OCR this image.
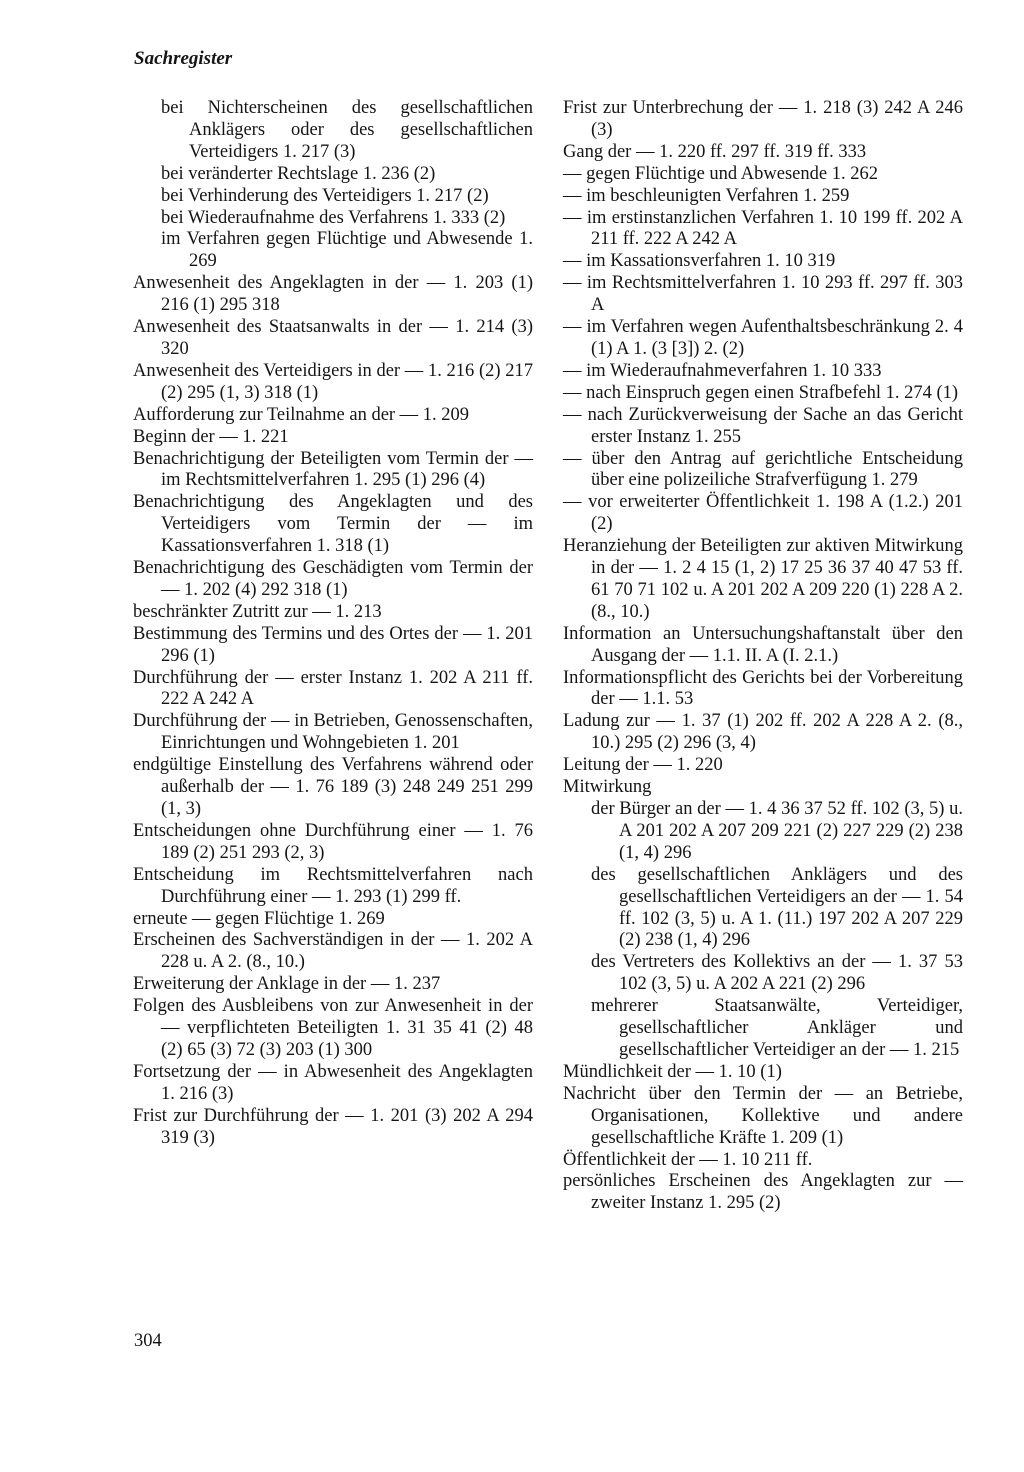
Sachregister
bei Nichterscheinen des gesellschaftlichen Anklägers oder des gesellschaftlichen Verteidigers 1. 217 (3)
bei veränderter Rechtslage 1. 236 (2)
bei Verhinderung des Verteidigers 1. 217 (2)
bei Wiederaufnahme des Verfahrens 1. 333 (2)
im Verfahren gegen Flüchtige und Abwesende 1. 269
Anwesenheit des Angeklagten in der — 1. 203 (1) 216 (1) 295 318
Anwesenheit des Staatsanwalts in der — 1. 214 (3) 320
Anwesenheit des Verteidigers in der — 1. 216 (2) 217 (2) 295 (1, 3) 318 (1)
Aufforderung zur Teilnahme an der — 1. 209
Beginn der — 1. 221
Benachrichtigung der Beteiligten vom Termin der — im Rechtsmittelverfahren 1. 295 (1) 296 (4)
Benachrichtigung des Angeklagten und des Verteidigers vom Termin der — im Kassationsverfahren 1. 318 (1)
Benachrichtigung des Geschädigten vom Termin der — 1. 202 (4) 292 318 (1)
beschränkter Zutritt zur — 1. 213
Bestimmung des Termins und des Ortes der — 1. 201 296 (1)
Durchführung der — erster Instanz 1. 202 A 211 ff. 222 A 242 A
Durchführung der — in Betrieben, Genossenschaften, Einrichtungen und Wohngebieten 1. 201
endgültige Einstellung des Verfahrens während oder außerhalb der — 1. 76 189 (3) 248 249 251 299 (1, 3)
Entscheidungen ohne Durchführung einer — 1. 76 189 (2) 251 293 (2, 3)
Entscheidung im Rechtsmittelverfahren nach Durchführung einer — 1. 293 (1) 299 ff.
erneute — gegen Flüchtige 1. 269
Erscheinen des Sachverständigen in der — 1. 202 A 228 u. A 2. (8., 10.)
Erweiterung der Anklage in der — 1. 237
Folgen des Ausbleibens von zur Anwesenheit in der — verpflichteten Beteiligten 1. 31 35 41 (2) 48 (2) 65 (3) 72 (3) 203 (1) 300
Fortsetzung der — in Abwesenheit des Angeklagten 1. 216 (3)
Frist zur Durchführung der — 1. 201 (3) 202 A 294 319 (3)
Frist zur Unterbrechung der — 1. 218 (3) 242 A 246 (3)
Gang der — 1. 220 ff. 297 ff. 319 ff. 333
— gegen Flüchtige und Abwesende 1. 262
— im beschleunigten Verfahren 1. 259
— im erstinstanzlichen Verfahren 1. 10 199 ff. 202 A 211 ff. 222 A 242 A
— im Kassationsverfahren 1. 10 319
— im Rechtsmittelverfahren 1. 10 293 ff. 297 ff. 303 A
— im Verfahren wegen Aufenthaltsbeschränkung 2. 4 (1) A 1. (3 [3]) 2. (2)
— im Wiederaufnahmeverfahren 1. 10 333
— nach Einspruch gegen einen Strafbefehl 1. 274 (1)
— nach Zurückverweisung der Sache an das Gericht erster Instanz 1. 255
— über den Antrag auf gerichtliche Entscheidung über eine polizeiliche Strafverfügung 1. 279
— vor erweiterter Öffentlichkeit 1. 198 A (1.2.) 201 (2)
Heranziehung der Beteiligten zur aktiven Mitwirkung in der — 1. 2 4 15 (1, 2) 17 25 36 37 40 47 53 ff. 61 70 71 102 u. A 201 202 A 209 220 (1) 228 A 2. (8., 10.)
Information an Untersuchungshaftanstalt über den Ausgang der — 1.1. II. A (I. 2.1.)
Informationspflicht des Gerichts bei der Vorbereitung der — 1.1. 53
Ladung zur — 1. 37 (1) 202 ff. 202 A 228 A 2. (8., 10.) 295 (2) 296 (3, 4)
Leitung der — 1. 220
Mitwirkung
der Bürger an der — 1. 4 36 37 52 ff. 102 (3, 5) u. A 201 202 A 207 209 221 (2) 227 229 (2) 238 (1, 4) 296
des gesellschaftlichen Anklägers und des gesellschaftlichen Verteidigers an der — 1. 54 ff. 102 (3, 5) u. A 1. (11.) 197 202 A 207 229 (2) 238 (1, 4) 296
des Vertreters des Kollektivs an der — 1. 37 53 102 (3, 5) u. A 202 A 221 (2) 296
mehrerer Staatsanwälte, Verteidiger, gesellschaftlicher Ankläger und gesellschaftlicher Verteidiger an der — 1. 215
Mündlichkeit der — 1. 10 (1)
Nachricht über den Termin der — an Betriebe, Organisationen, Kollektive und andere gesellschaftliche Kräfte 1. 209 (1)
Öffentlichkeit der — 1. 10 211 ff.
persönliches Erscheinen des Angeklagten zur — zweiter Instanz 1. 295 (2)
304
